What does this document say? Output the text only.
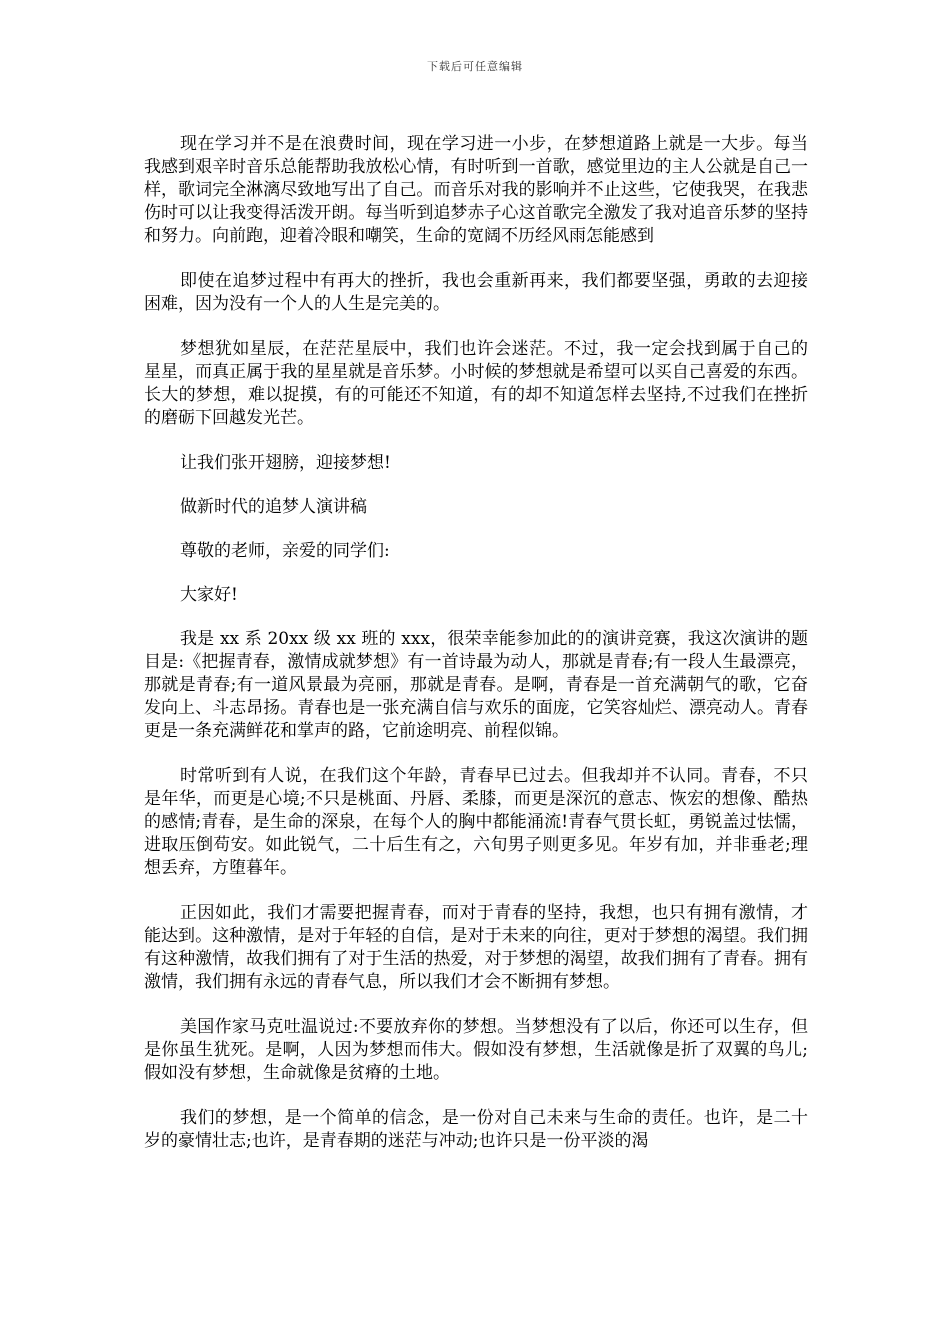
下载后可任意编辑

现在学习并不是在浪费时间，现在学习进一小步，在梦想道路上就是一大步。每当我感到艰辛时音乐总能帮助我放松心情，有时听到一首歌，感觉里边的主人公就是自己一样，歌词完全淋漓尽致地写出了自己。而音乐对我的影响并不止这些，它使我哭，在我悲伤时可以让我变得活泼开朗。每当听到追梦赤子心这首歌完全激发了我对追音乐梦的坚持和努力。向前跑，迎着冷眼和嘲笑，生命的宽阔不历经风雨怎能感到

即使在追梦过程中有再大的挫折，我也会重新再来，我们都要坚强，勇敢的去迎接困难，因为没有一个人的人生是完美的。

梦想犹如星辰，在茫茫星辰中，我们也许会迷茫。不过，我一定会找到属于自己的星星，而真正属于我的星星就是音乐梦。小时候的梦想就是希望可以买自己喜爱的东西。长大的梦想，难以捉摸，有的可能还不知道，有的却不知道怎样去坚持,不过我们在挫折的磨砺下回越发光芒。

让我们张开翅膀，迎接梦想!

做新时代的追梦人演讲稿

尊敬的老师，亲爱的同学们:

大家好!

我是 xx 系 20xx 级 xx 班的 xxx，很荣幸能参加此的的演讲竞赛，我这次演讲的题目是:《把握青春，激情成就梦想》有一首诗最为动人，那就是青春;有一段人生最漂亮，那就是青春;有一道风景最为亮丽，那就是青春。是啊，青春是一首充满朝气的歌，它奋发向上、斗志昂扬。青春也是一张充满自信与欢乐的面庞，它笑容灿烂、漂亮动人。青春更是一条充满鲜花和掌声的路，它前途明亮、前程似锦。

时常听到有人说，在我们这个年龄，青春早已过去。但我却并不认同。青春，不只是年华，而更是心境;不只是桃面、丹唇、柔膝，而更是深沉的意志、恢宏的想像、酷热的感情;青春，是生命的深泉，在每个人的胸中都能涌流!青春气贯长虹，勇锐盖过怯懦，进取压倒苟安。如此锐气，二十后生有之，六旬男子则更多见。年岁有加，并非垂老;理想丢弃，方堕暮年。

正因如此，我们才需要把握青春，而对于青春的坚持，我想，也只有拥有激情，才能达到。这种激情，是对于年轻的自信，是对于未来的向往，更对于梦想的渴望。我们拥有这种激情，故我们拥有了对于生活的热爱，对于梦想的渴望，故我们拥有了青春。拥有激情，我们拥有永远的青春气息，所以我们才会不断拥有梦想。

美国作家马克吐温说过:不要放弃你的梦想。当梦想没有了以后，你还可以生存，但是你虽生犹死。是啊，人因为梦想而伟大。假如没有梦想，生活就像是折了双翼的鸟儿;假如没有梦想，生命就像是贫瘠的土地。

我们的梦想，是一个简单的信念，是一份对自己未来与生命的责任。也许，是二十岁的豪情壮志;也许，是青春期的迷茫与冲动;也许只是一份平淡的渴
